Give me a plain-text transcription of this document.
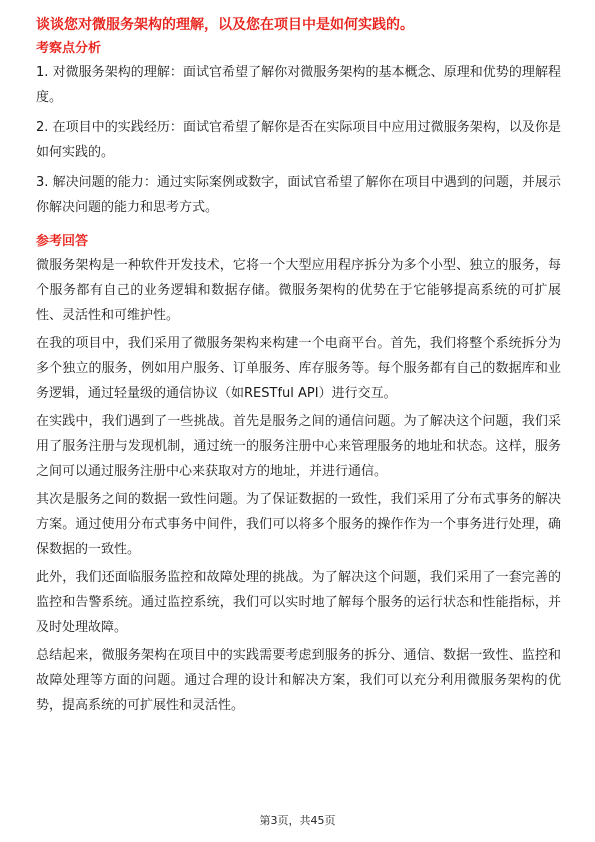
谈谈您对微服务架构的理解，以及您在项目中是如何实践的。

考察点分析

1. 对微服务架构的理解：面试官希望了解你对微服务架构的基本概念、原理和优势的理解程度。

2. 在项目中的实践经历：面试官希望了解你是否在实际项目中应用过微服务架构，以及你是如何实践的。

3. 解决问题的能力：通过实际案例或数字，面试官希望了解你在项目中遇到的问题，并展示你解决问题的能力和思考方式。

参考回答

微服务架构是一种软件开发技术，它将一个大型应用程序拆分为多个小型、独立的服务，每个服务都有自己的业务逻辑和数据存储。微服务架构的优势在于它能够提高系统的可扩展性、灵活性和可维护性。

在我的项目中，我们采用了微服务架构来构建一个电商平台。首先，我们将整个系统拆分为多个独立的服务，例如用户服务、订单服务、库存服务等。每个服务都有自己的数据库和业务逻辑，通过轻量级的通信协议（如RESTful API）进行交互。

在实践中，我们遇到了一些挑战。首先是服务之间的通信问题。为了解决这个问题，我们采用了服务注册与发现机制，通过统一的服务注册中心来管理服务的地址和状态。这样，服务之间可以通过服务注册中心来获取对方的地址，并进行通信。

其次是服务之间的数据一致性问题。为了保证数据的一致性，我们采用了分布式事务的解决方案。通过使用分布式事务中间件，我们可以将多个服务的操作作为一个事务进行处理，确保数据的一致性。

此外，我们还面临服务监控和故障处理的挑战。为了解决这个问题，我们采用了一套完善的监控和告警系统。通过监控系统，我们可以实时地了解每个服务的运行状态和性能指标，并及时处理故障。

总结起来，微服务架构在项目中的实践需要考虑到服务的拆分、通信、数据一致性、监控和故障处理等方面的问题。通过合理的设计和解决方案，我们可以充分利用微服务架构的优势，提高系统的可扩展性和灵活性。

第3页，共45页
